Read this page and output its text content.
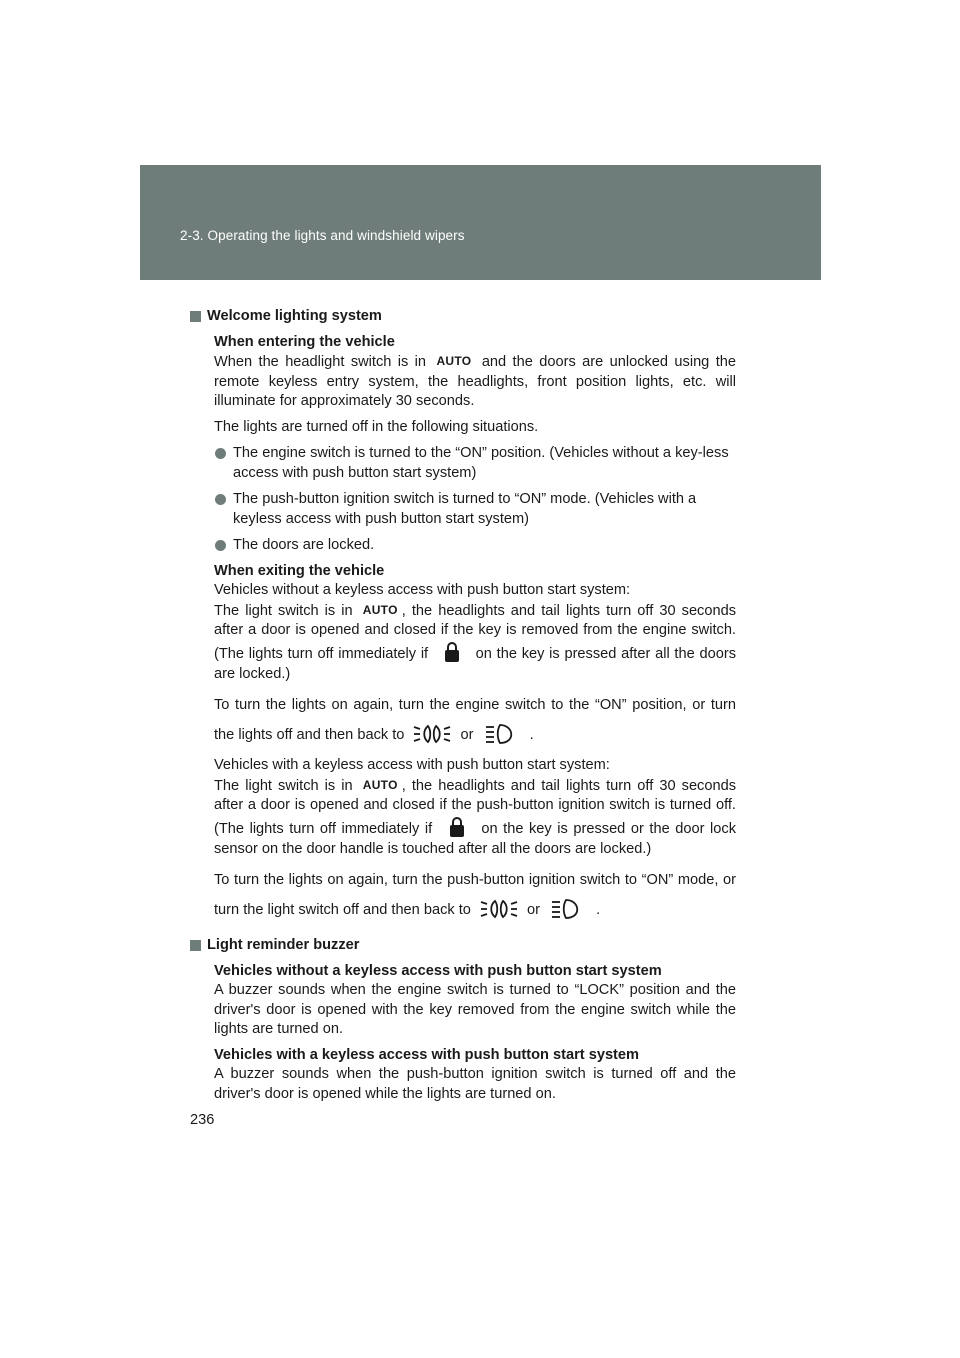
2-3. Operating the lights and windshield wipers
Welcome lighting system
When entering the vehicle

When the headlight switch is in AUTO and the doors are unlocked using the remote keyless entry system, the headlights, front position lights, etc. will illuminate for approximately 30 seconds.

The lights are turned off in the following situations.

The engine switch is turned to the “ON” position. (Vehicles without a key-less access with push button start system)
The push-button ignition switch is turned to “ON” mode. (Vehicles with a keyless access with push button start system)
The doors are locked.
When exiting the vehicle

Vehicles without a keyless access with push button start system:

The light switch is in AUTO , the headlights and tail lights turn off 30 seconds after a door is opened and closed if the key is removed from the engine switch. (The lights turn off immediately if	on the key is pressed after all the doors are locked.)

To turn the lights on again, turn the engine switch to the “ON” position, or turn the lights off and then back to	or	.

Vehicles with a keyless access with push button start system:

The light switch is in AUTO , the headlights and tail lights turn off 30 seconds after a door is opened and closed if the push-button ignition switch is turned off. (The lights turn off immediately if	on the key is pressed or the door lock sensor on the door handle is touched after all the doors are locked.)

To turn the lights on again, turn the push-button ignition switch to “ON” mode, or turn the light switch off and then back to	or	.

Light reminder buzzer
Vehicles without a keyless access with push button start system

A buzzer sounds when the engine switch is turned to “LOCK” position and the driver's door is opened with the key removed from the engine switch while the lights are turned on.

Vehicles with a keyless access with push button start system

A buzzer sounds when the push-button ignition switch is turned off and the driver's door is opened while the lights are turned on.

236
